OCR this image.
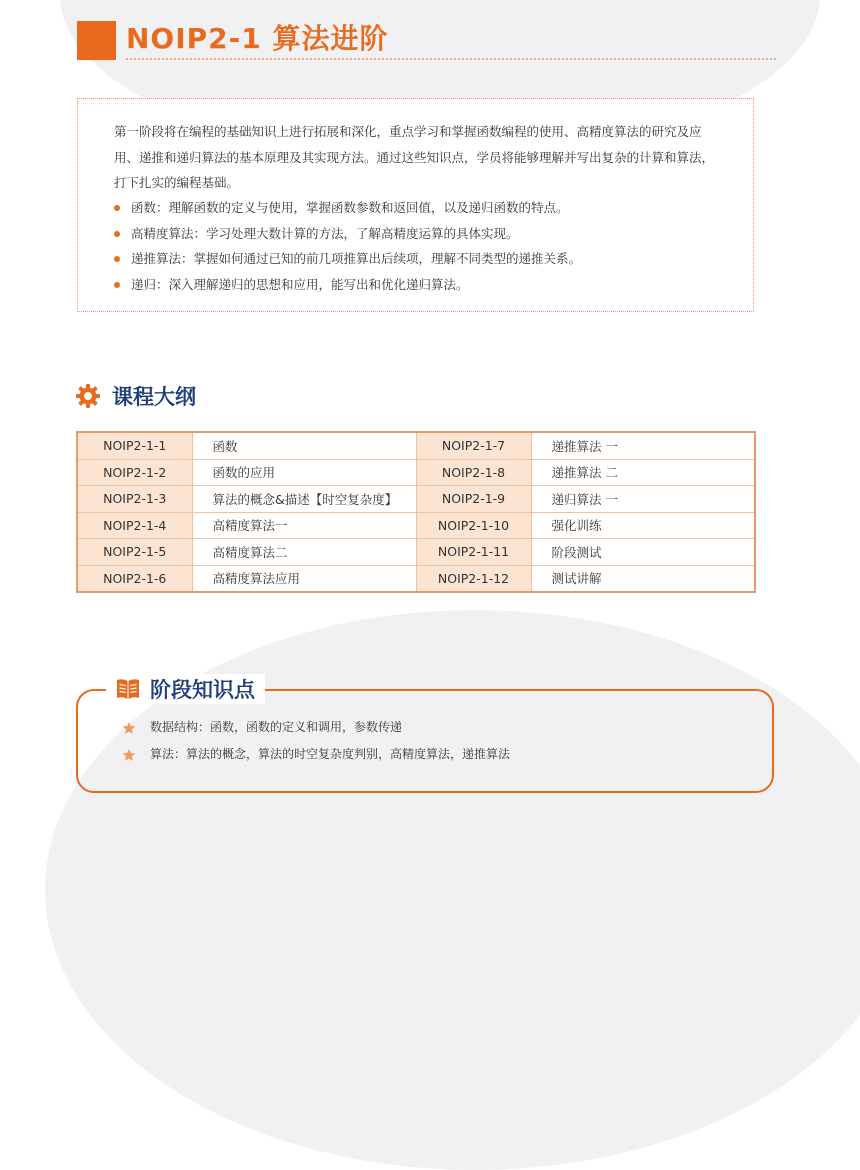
NOIP2-1 算法进阶

第一阶段将在编程的基础知识上进行拓展和深化，重点学习和掌握函数编程的使用、高精度算法的研究及应用、递推和递归算法的基本原理及其实现方法。通过这些知识点，学员将能够理解并写出复杂的计算和算法，打下扎实的编程基础。

函数：理解函数的定义与使用，掌握函数参数和返回值，以及递归函数的特点。
高精度算法：学习处理大数计算的方法，了解高精度运算的具体实现。
递推算法：掌握如何通过已知的前几项推算出后续项，理解不同类型的递推关系。
递归：深入理解递归的思想和应用，能写出和优化递归算法。
课程大纲
NOIP2-1-1	函数	NOIP2-1-7	递推算法 一
NOIP2-1-2	函数的应用	NOIP2-1-8	递推算法 二
NOIP2-1-3	算法的概念&描述【时空复杂度】	NOIP2-1-9	递归算法 一
NOIP2-1-4	高精度算法一	NOIP2-1-10	强化训练
NOIP2-1-5	高精度算法二	NOIP2-1-11	阶段测试
NOIP2-1-6	高精度算法应用	NOIP2-1-12	测试讲解
阶段知识点
数据结构：函数，函数的定义和调用，参数传递
算法：算法的概念，算法的时空复杂度判别，高精度算法，递推算法
